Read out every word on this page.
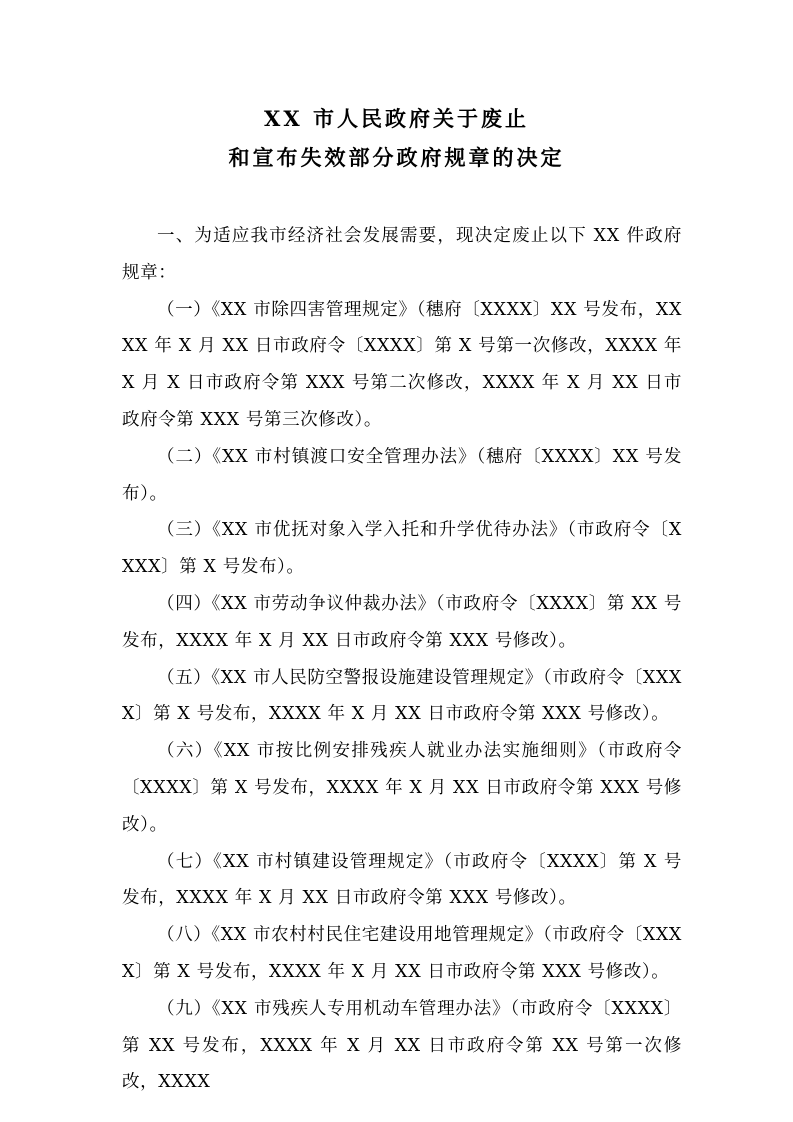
XX 市人民政府关于废止
和宣布失效部分政府规章的决定

一、为适应我市经济社会发展需要，现决定废止以下 XX 件政府规章：

（一）《XX 市除四害管理规定》（穗府〔XXXX〕XX 号发布，XXXX 年 X 月 XX 日市政府令〔XXXX〕第 X 号第一次修改，XXXX 年 X 月 X 日市政府令第 XXX 号第二次修改，XXXX 年 X 月 XX 日市政府令第 XXX 号第三次修改）。

（二）《XX 市村镇渡口安全管理办法》（穗府〔XXXX〕XX 号发布）。

（三）《XX 市优抚对象入学入托和升学优待办法》（市政府令〔XXXX〕第 X 号发布）。

（四）《XX 市劳动争议仲裁办法》（市政府令〔XXXX〕第 XX 号发布，XXXX 年 X 月 XX 日市政府令第 XXX 号修改）。

（五）《XX 市人民防空警报设施建设管理规定》（市政府令〔XXXX〕第 X 号发布，XXXX 年 X 月 XX 日市政府令第 XXX 号修改）。

（六）《XX 市按比例安排残疾人就业办法实施细则》（市政府令〔XXXX〕第 X 号发布，XXXX 年 X 月 XX 日市政府令第 XXX 号修改）。

（七）《XX 市村镇建设管理规定》（市政府令〔XXXX〕第 X 号发布，XXXX 年 X 月 XX 日市政府令第 XXX 号修改）。

（八）《XX 市农村村民住宅建设用地管理规定》（市政府令〔XXXX〕第 X 号发布，XXXX 年 X 月 XX 日市政府令第 XXX 号修改）。

（九）《XX 市残疾人专用机动车管理办法》（市政府令〔XXXX〕第 XX 号发布，XXXX 年 X 月 XX 日市政府令第 XX 号第一次修改，XXXX
